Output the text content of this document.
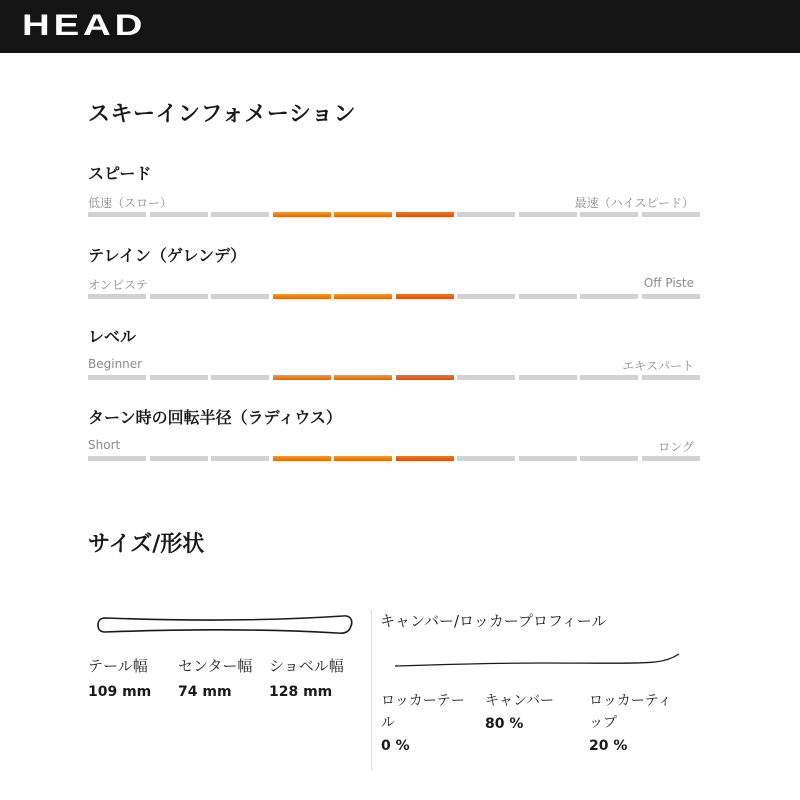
HEAD
スキーインフォメーション
スピード
低速（スロー）	最速（ハイスピード）
テレイン（ゲレンデ）
オンピステ	Off Piste
レベル
Beginner	エキスパート
ターン時の回転半径（ラディウス）
Short	ロング
サイズ/形状
テール幅
109 mm
センター幅
74 mm
ショベル幅
128 mm
キャンバー/ロッカープロフィール
ロッカーテー
ル
0 %
キャンバー
80 %
ロッカーティ
ップ
20 %
